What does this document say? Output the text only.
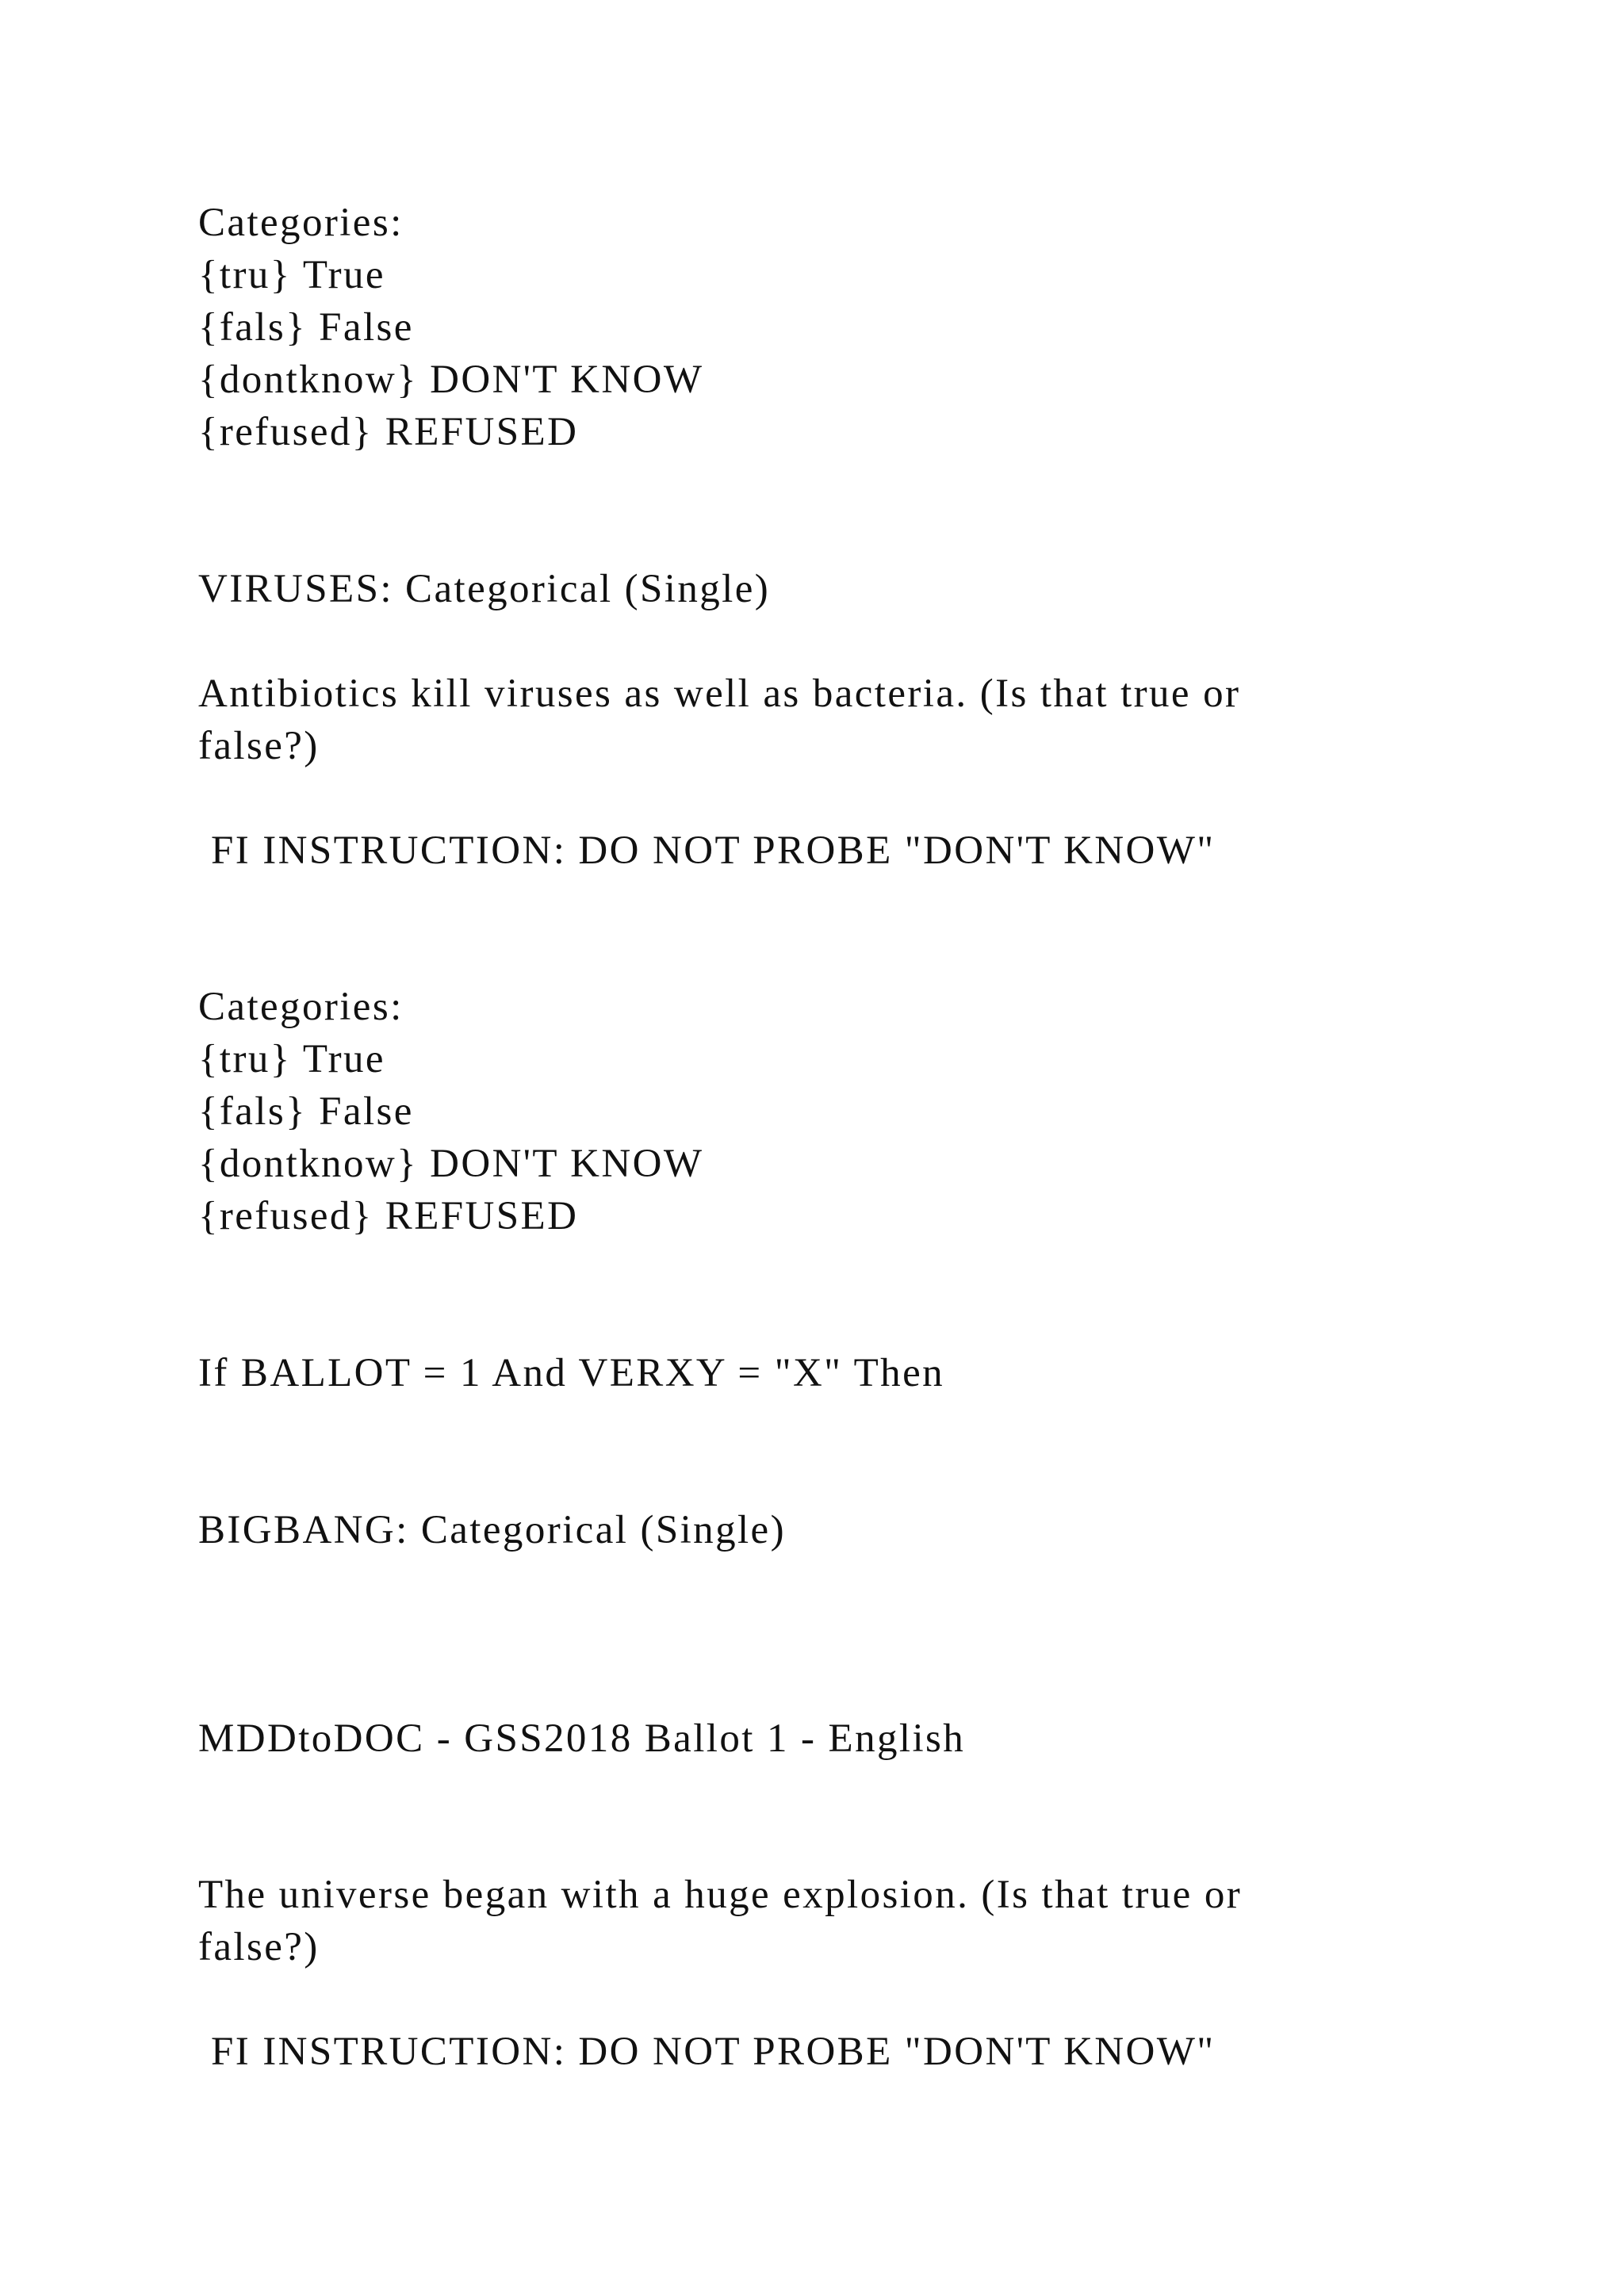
Categories:

{tru} True

{fals} False

{dontknow} DON'T KNOW

{refused} REFUSED

VIRUSES: Categorical (Single)

Antibiotics kill viruses as well as bacteria. (Is that true or

false?)

FI INSTRUCTION: DO NOT PROBE "DON'T KNOW"

Categories:

{tru} True

{fals} False

{dontknow} DON'T KNOW

{refused} REFUSED

If BALLOT = 1 And VERXY = "X" Then

BIGBANG: Categorical (Single)

MDDtoDOC - GSS2018 Ballot 1 - English

The universe began with a huge explosion. (Is that true or

false?)

FI INSTRUCTION: DO NOT PROBE "DON'T KNOW"
